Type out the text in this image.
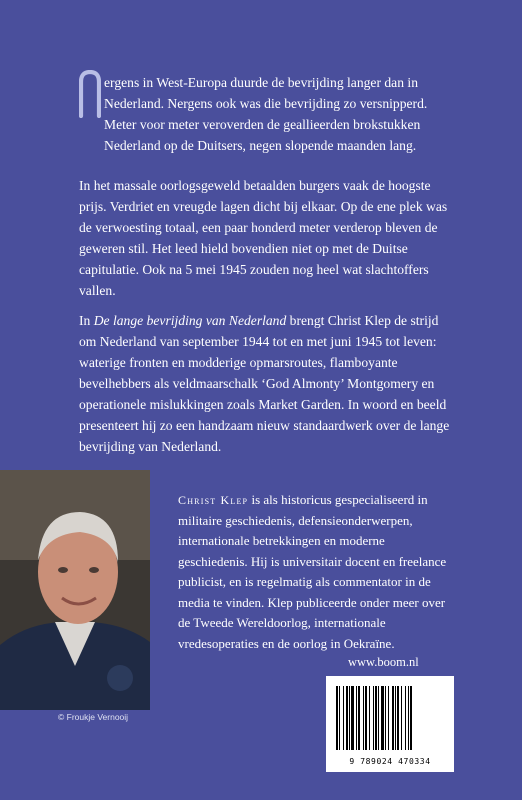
ergens in West-Europa duurde de bevrijding langer dan in Nederland. Nergens ook was die bevrijding zo versnipperd. Meter voor meter veroverden de geallieerden brokstukken Nederland op de Duitsers, negen slopende maanden lang.

In het massale oorlogsgeweld betaalden burgers vaak de hoogste prijs. Verdriet en vreugde lagen dicht bij elkaar. Op de ene plek was de verwoesting totaal, een paar honderd meter verderop bleven de geweren stil. Het leed hield bovendien niet op met de Duitse capitulatie. Ook na 5 mei 1945 zouden nog heel wat slachtoffers vallen.

In De lange bevrijding van Nederland brengt Christ Klep de strijd om Nederland van september 1944 tot en met juni 1945 tot leven: waterige fronten en modderige opmarsroutes, flamboyante bevelhebbers als veldmaarschalk ‘God Almonty’ Montgomery en operationele mislukkingen zoals Market Garden. In woord en beeld presenteert hij zo een handzaam nieuw standaardwerk over de lange bevrijding van Nederland.

© Froukje Vernooij

Christ Klep is als historicus gespecialiseerd in militaire geschiedenis, defensieonderwerpen, internationale betrekkingen en moderne geschiedenis. Hij is universitair docent en freelance publicist, en is regelmatig als commentator in de media te vinden. Klep publiceerde onder meer over de Tweede Wereldoorlog, internationale vredesoperaties en de oorlog in Oekraïne.

www.boom.nl
9 789024 470334
